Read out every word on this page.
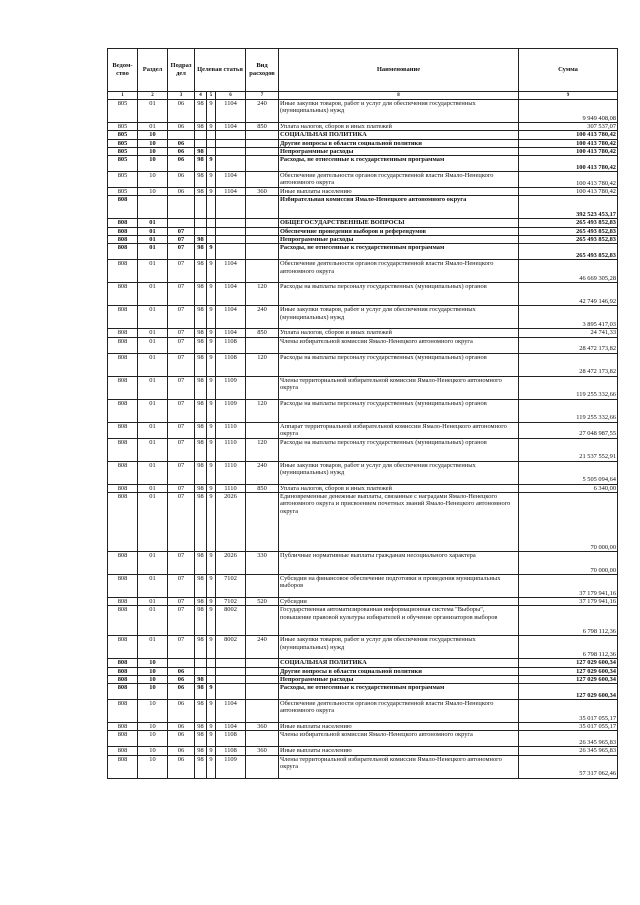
Ведом-ство	Раздел	Подраз дел	Целевая статья			Вид расходов	Наименование	Сумма
1	2	3	4	5	6	7	8	9
805	01	06	98	9	1104	240	Иные закупки товаров, работ и услуг для обеспечения государственных (муниципальных) нужд	9 949 408,08
805	01	06	98	9	1104	850	Уплата налогов, сборов и иных платежей	307 537,07
805	10						СОЦИАЛЬНАЯ ПОЛИТИКА	100 413 780,42
805	10	06					Другие вопросы в области социальной политики	100 413 780,42
805	10	06	98				Непрограммные расходы	100 413 780,42
805	10	06	98	9			Расходы, не отнесенные к государственным программам	100 413 780,42
805	10	06	98	9	1104		Обеспечение деятельности органов государственной власти Ямало-Ненецкого автономного округа	100 413 780,42
805	10	06	98	9	1104	360	Иные выплаты населению	100 413 780,42
808							Избирательная комиссия Ямало-Ненецкого автономного округа	392 523 453,17
808	01						ОБЩЕГОСУДАРСТВЕННЫЕ ВОПРОСЫ	265 493 852,83
808	01	07					Обеспечение проведения выборов и референдумов	265 493 852,83
808	01	07	98				Непрограммные расходы	265 493 852,83
808	01	07	98	9			Расходы, не отнесенные к государственным программам	265 493 852,83
808	01	07	98	9	1104		Обеспечение деятельности органов государственной власти Ямало-Ненецкого автономного округа	46 669 305,28
808	01	07	98	9	1104	120	Расходы на выплаты персоналу государственных (муниципальных) органов	42 749 146,92
808	01	07	98	9	1104	240	Иные закупки товаров, работ и услуг для обеспечения государственных (муниципальных) нужд	3 895 417,03
808	01	07	98	9	1104	850	Уплата налогов, сборов и иных платежей	24 741,33
808	01	07	98	9	1108		Члены избирательной комиссии Ямало-Ненецкого автономного округа	28 472 173,82
808	01	07	98	9	1108	120	Расходы на выплаты персоналу государственных (муниципальных) органов	28 472 173,82
808	01	07	98	9	1109		Члены территориальной избирательной комиссии Ямало-Ненецкого автономного округа	119 255 332,66
808	01	07	98	9	1109	120	Расходы на выплаты персоналу государственных (муниципальных) органов	119 255 332,66
808	01	07	98	9	1110		Аппарат территориальной избирательной комиссии Ямало-Ненецкого автономного округа	27 048 987,55
808	01	07	98	9	1110	120	Расходы на выплаты персоналу государственных (муниципальных) органов	21 537 552,91
808	01	07	98	9	1110	240	Иные закупки товаров, работ и услуг для обеспечения государственных (муниципальных) нужд	5 505 094,64
808	01	07	98	9	1110	850	Уплата налогов, сборов и иных платежей	6 340,00
808	01	07	98	9	2026		Единовременные денежные выплаты, связанные с наградами Ямало-Ненецкого автономного округа и присвоением почетных званий Ямало-Ненецкого автономного округа	70 000,00
808	01	07	98	9	2026	330	Публичные нормативные выплаты гражданам несоциального характера	70 000,00
808	01	07	98	9	7102		Субсидии на финансовое обеспечение подготовки и проведения муниципальных выборов	37 179 941,16
808	01	07	98	9	7102	520	Субсидии	37 179 941,16
808	01	07	98	9	8002		Государственная автоматизированная информационная система "Выборы", повышение правовой культуры избирателей и обучение организаторов выборов	6 798 112,36
808	01	07	98	9	8002	240	Иные закупки товаров, работ и услуг для обеспечения государственных (муниципальных) нужд	6 798 112,36
808	10						СОЦИАЛЬНАЯ ПОЛИТИКА	127 029 600,34
808	10	06					Другие вопросы в области социальной политики	127 029 600,34
808	10	06	98				Непрограммные расходы	127 029 600,34
808	10	06	98	9			Расходы, не отнесенные к государственным программам	127 029 600,34
808	10	06	98	9	1104		Обеспечение деятельности органов государственной власти Ямало-Ненецкого автономного округа	35 017 055,17
808	10	06	98	9	1104	360	Иные выплаты населению	35 017 055,17
808	10	06	98	9	1108		Члены избирательной комиссии Ямало-Ненецкого автономного округа	26 345 965,83
808	10	06	98	9	1108	360	Иные выплаты населению	26 345 965,83
808	10	06	98	9	1109		Члены территориальной избирательной комиссии Ямало-Ненецкого автономного округа	57 317 062,46
